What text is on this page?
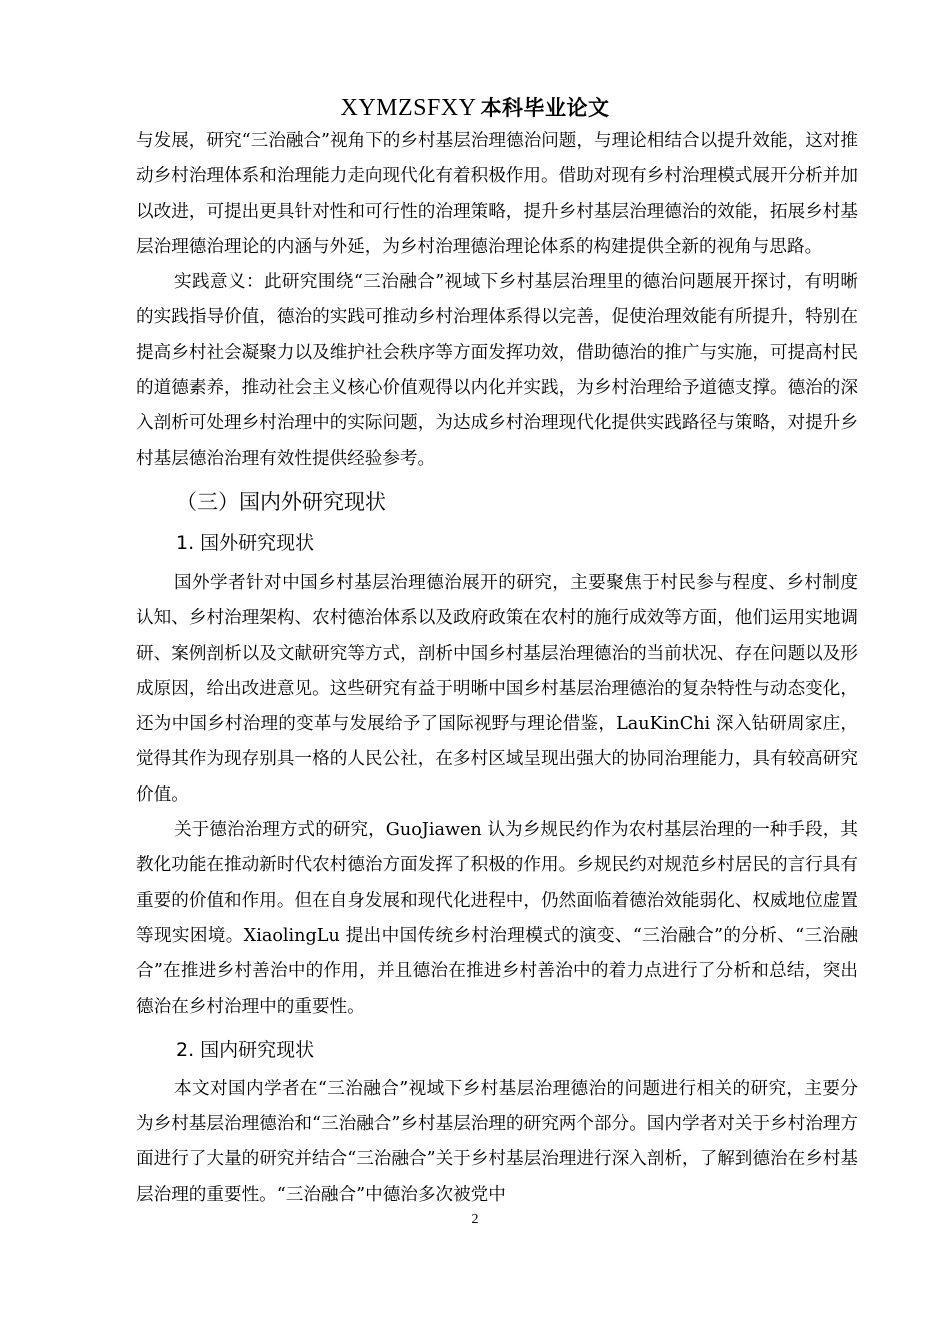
XYMZSFXY 本科毕业论文

与发展，研究“三治融合”视角下的乡村基层治理德治问题，与理论相结合以提升效能，这对推动乡村治理体系和治理能力走向现代化有着积极作用。借助对现有乡村治理模式展开分析并加以改进，可提出更具针对性和可行性的治理策略，提升乡村基层治理德治的效能，拓展乡村基层治理德治理论的内涵与外延，为乡村治理德治理论体系的构建提供全新的视角与思路。

实践意义：此研究围绕“三治融合”视域下乡村基层治理里的德治问题展开探讨，有明晰的实践指导价值，德治的实践可推动乡村治理体系得以完善，促使治理效能有所提升，特别在提高乡村社会凝聚力以及维护社会秩序等方面发挥功效，借助德治的推广与实施，可提高村民的道德素养，推动社会主义核心价值观得以内化并实践，为乡村治理给予道德支撑。德治的深入剖析可处理乡村治理中的实际问题，为达成乡村治理现代化提供实践路径与策略，对提升乡村基层德治治理有效性提供经验参考。

（三）国内外研究现状
1. 国外研究现状

国外学者针对中国乡村基层治理德治展开的研究，主要聚焦于村民参与程度、乡村制度认知、乡村治理架构、农村德治体系以及政府政策在农村的施行成效等方面，他们运用实地调研、案例剖析以及文献研究等方式，剖析中国乡村基层治理德治的当前状况、存在问题以及形成原因，给出改进意见。这些研究有益于明晰中国乡村基层治理德治的复杂特性与动态变化，还为中国乡村治理的变革与发展给予了国际视野与理论借鉴，LauKinChi 深入钻研周家庄，觉得其作为现存别具一格的人民公社，在多村区域呈现出强大的协同治理能力，具有较高研究价值。

关于德治治理方式的研究，GuoJiawen 认为乡规民约作为农村基层治理的一种手段，其教化功能在推动新时代农村德治方面发挥了积极的作用。乡规民约对规范乡村居民的言行具有重要的价值和作用。但在自身发展和现代化进程中，仍然面临着德治效能弱化、权威地位虚置等现实困境。XiaolingLu 提出中国传统乡村治理模式的演变、“三治融合”的分析、“三治融合”在推进乡村善治中的作用，并且德治在推进乡村善治中的着力点进行了分析和总结，突出德治在乡村治理中的重要性。

2. 国内研究现状

本文对国内学者在“三治融合”视域下乡村基层治理德治的问题进行相关的研究，主要分为乡村基层治理德治和“三治融合”乡村基层治理的研究两个部分。国内学者对关于乡村治理方面进行了大量的研究并结合“三治融合”关于乡村基层治理进行深入剖析，了解到德治在乡村基层治理的重要性。“三治融合”中德治多次被党中

2
